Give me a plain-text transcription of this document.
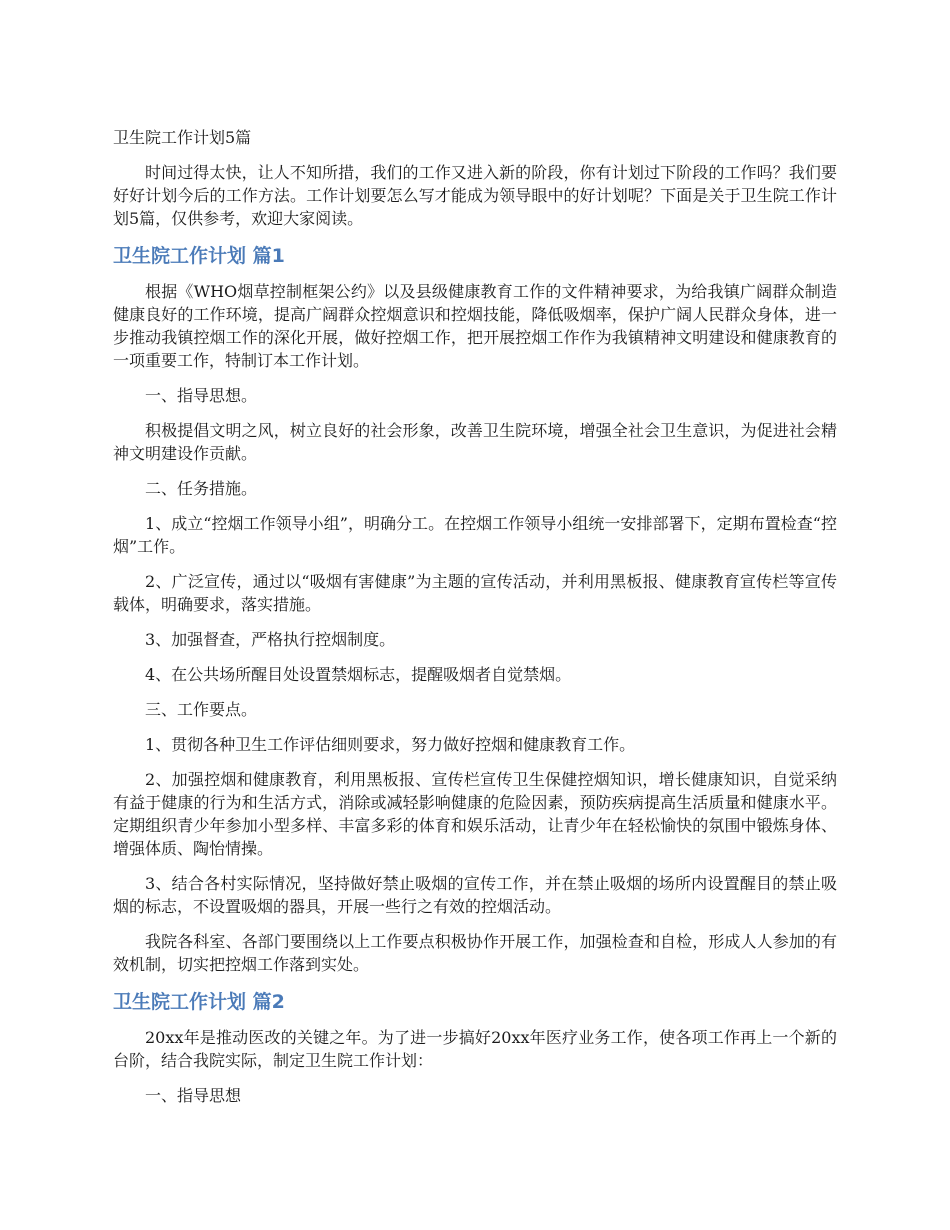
卫生院工作计划5篇

时间过得太快，让人不知所措，我们的工作又进入新的阶段，你有计划过下阶段的工作吗？我们要好好计划今后的工作方法。工作计划要怎么写才能成为领导眼中的好计划呢？下面是关于卫生院工作计划5篇，仅供参考，欢迎大家阅读。

卫生院工作计划 篇1

根据《WHO烟草控制框架公约》以及县级健康教育工作的文件精神要求，为给我镇广阔群众制造健康良好的工作环境，提高广阔群众控烟意识和控烟技能，降低吸烟率，保护广阔人民群众身体，进一步推动我镇控烟工作的深化开展，做好控烟工作，把开展控烟工作作为我镇精神文明建设和健康教育的一项重要工作，特制订本工作计划。

一、指导思想。

积极提倡文明之风，树立良好的社会形象，改善卫生院环境，增强全社会卫生意识，为促进社会精神文明建设作贡献。

二、任务措施。

1、成立“控烟工作领导小组”，明确分工。在控烟工作领导小组统一安排部署下，定期布置检查“控烟”工作。

2、广泛宣传，通过以“吸烟有害健康”为主题的宣传活动，并利用黑板报、健康教育宣传栏等宣传载体，明确要求，落实措施。

3、加强督查，严格执行控烟制度。

4、在公共场所醒目处设置禁烟标志，提醒吸烟者自觉禁烟。

三、工作要点。

1、贯彻各种卫生工作评估细则要求，努力做好控烟和健康教育工作。

2、加强控烟和健康教育，利用黑板报、宣传栏宣传卫生保健控烟知识，增长健康知识，自觉采纳有益于健康的行为和生活方式，消除或减轻影响健康的危险因素，预防疾病提高生活质量和健康水平。定期组织青少年参加小型多样、丰富多彩的体育和娱乐活动，让青少年在轻松愉快的氛围中锻炼身体、增强体质、陶怡情操。

3、结合各村实际情况，坚持做好禁止吸烟的宣传工作，并在禁止吸烟的场所内设置醒目的禁止吸烟的标志，不设置吸烟的器具，开展一些行之有效的控烟活动。

我院各科室、各部门要围绕以上工作要点积极协作开展工作，加强检查和自检，形成人人参加的有效机制，切实把控烟工作落到实处。

卫生院工作计划 篇2

20xx年是推动医改的关键之年。为了进一步搞好20xx年医疗业务工作，使各项工作再上一个新的台阶，结合我院实际，制定卫生院工作计划：

一、指导思想
